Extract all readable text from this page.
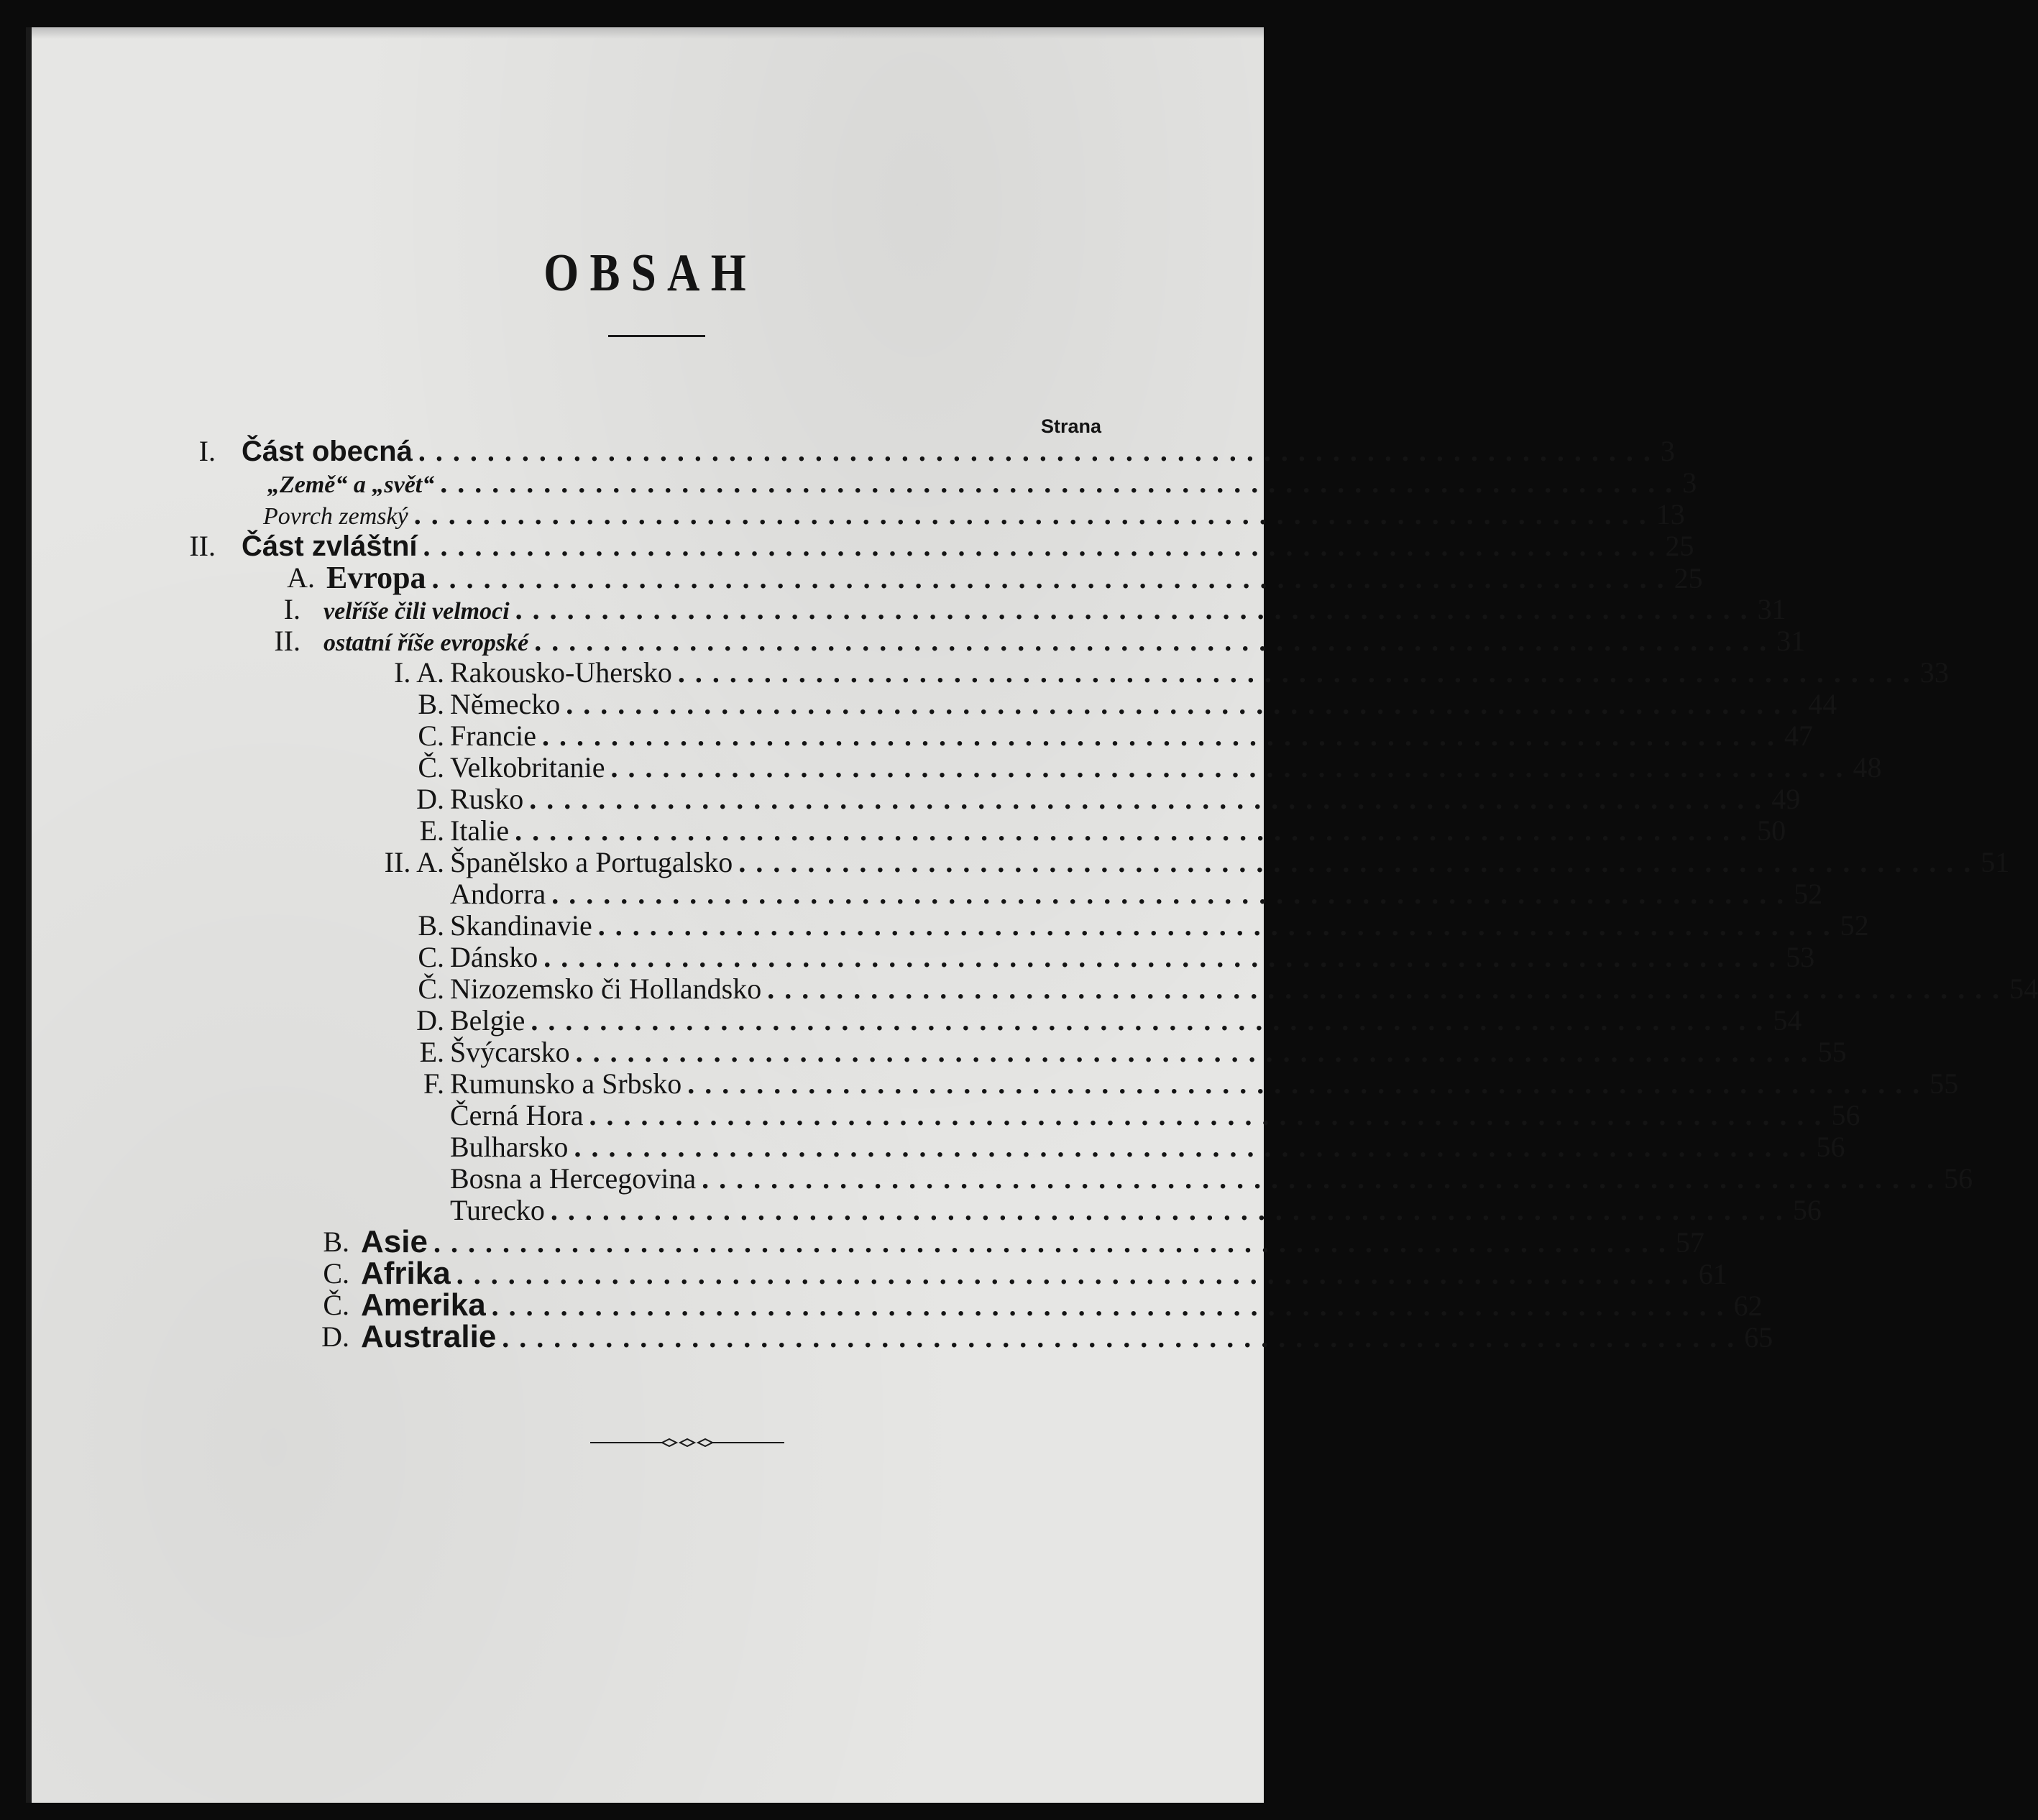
OBSAH
Strana
I. Část obecná ........................................................................ 3
„Země“ a „svět“ ........................................................................ 3
Povrch zemský ........................................................................ 13
II. Část zvláštní ........................................................................ 25
A. Evropa ........................................................................ 25
I. velříše čili velmoci ........................................................................ 31
II. ostatní říše evropské ........................................................................ 31
I. A. Rakousko-Uhersko ........................................................................ 33
B. Německo ........................................................................ 44
C. Francie ........................................................................ 47
Č. Velkobritanie ........................................................................ 48
D. Rusko ........................................................................ 49
E. Italie ........................................................................ 50
II. A. Španělsko a Portugalsko ........................................................................ 51
Andorra ........................................................................ 52
B. Skandinavie ........................................................................ 52
C. Dánsko ........................................................................ 53
Č. Nizozemsko či Hollandsko ........................................................................ 54
D. Belgie ........................................................................ 54
E. Švýcarsko ........................................................................ 55
F. Rumunsko a Srbsko ........................................................................ 55
Černá Hora ........................................................................ 56
Bulharsko ........................................................................ 56
Bosna a Hercegovina ........................................................................ 56
Turecko ........................................................................ 56
B. Asie ........................................................................ 57
C. Afrika ........................................................................ 61
Č. Amerika ........................................................................ 62
D. Australie ........................................................................ 65
